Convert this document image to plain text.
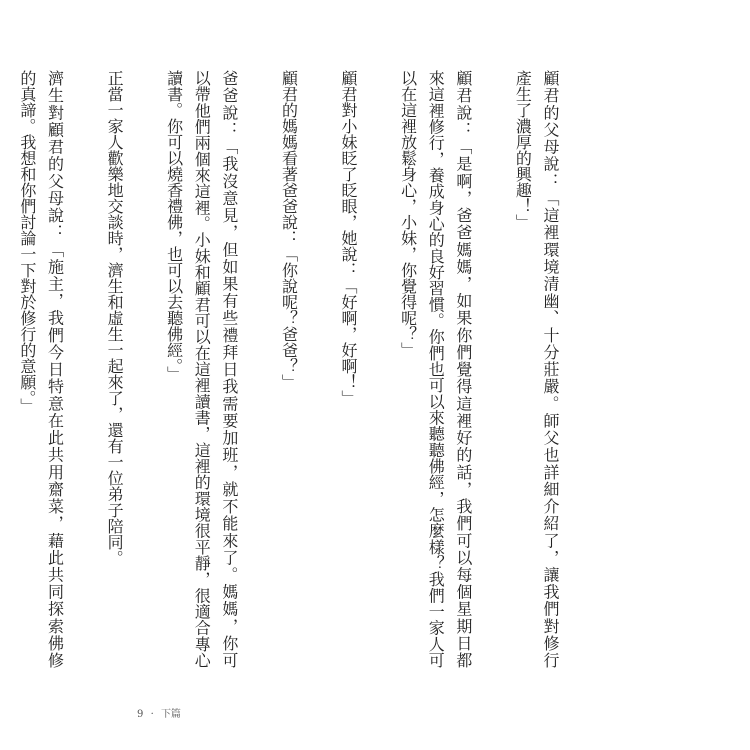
顧君的父母說：「這裡環境清幽、十分莊嚴。師父也詳細介紹了，讓我們對修行
產生了濃厚的興趣！」
顧君說：「是啊，爸爸媽媽，如果你們覺得這裡好的話，我們可以每個星期日都
來這裡修行，養成身心的良好習慣。你們也可以來聽聽佛經，怎麼樣？我們一家人可
以在這裡放鬆身心，小妹，你覺得呢？」
顧君對小妹眨了眨眼，她說：「好啊，好啊！」
顧君的媽媽看著爸爸說：「你說呢？爸爸？」
爸爸說：「我沒意見，但如果有些禮拜日我需要加班，就不能來了。媽媽，你可
以帶他們兩個來這裡。小妹和顧君可以在這裡讀書，這裡的環境很平靜，很適合專心
讀書。你可以燒香禮佛，也可以去聽佛經。」
正當一家人歡樂地交談時，濟生和虛生一起來了，還有一位弟子陪同。
濟生對顧君的父母說：「施主，我們今日特意在此共用齋菜，藉此共同探索佛修
的真諦。我想和你們討論一下對於修行的意願。」
9 · 下篇
